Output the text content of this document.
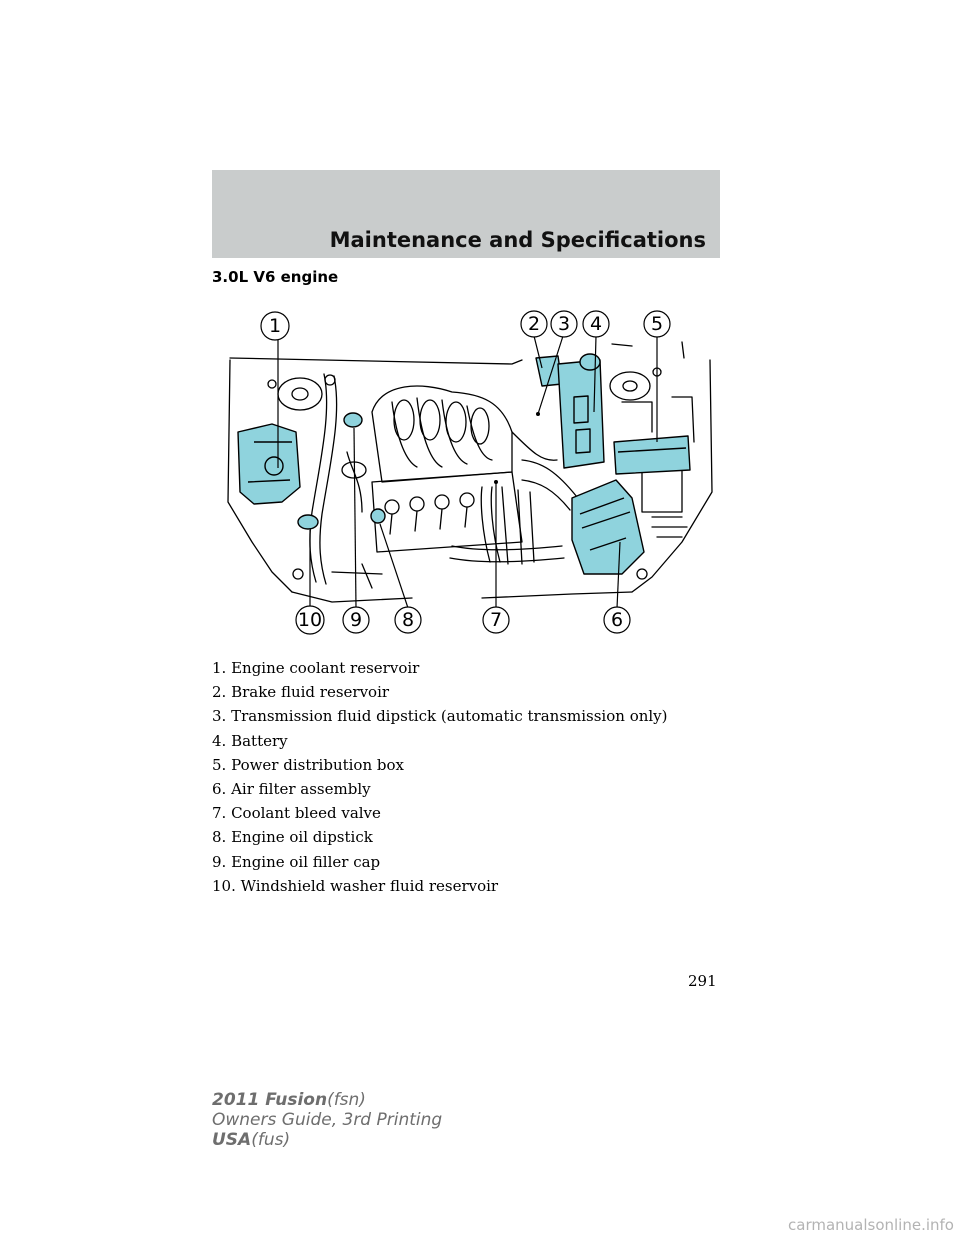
Maintenance and Specifications
3.0L V6 engine
1	2 3 4	5
6
7
8
9
10
1. Engine coolant reservoir
2. Brake fluid reservoir
3. Transmission fluid dipstick (automatic transmission only)
4. Battery
5. Power distribution box
6. Air filter assembly
7. Coolant bleed valve
8. Engine oil dipstick
9. Engine oil filler cap
10. Windshield washer fluid reservoir
291
2011 Fusion(fsn)
Owners Guide, 3rd Printing
USA(fus)
carmanualsonline.info
